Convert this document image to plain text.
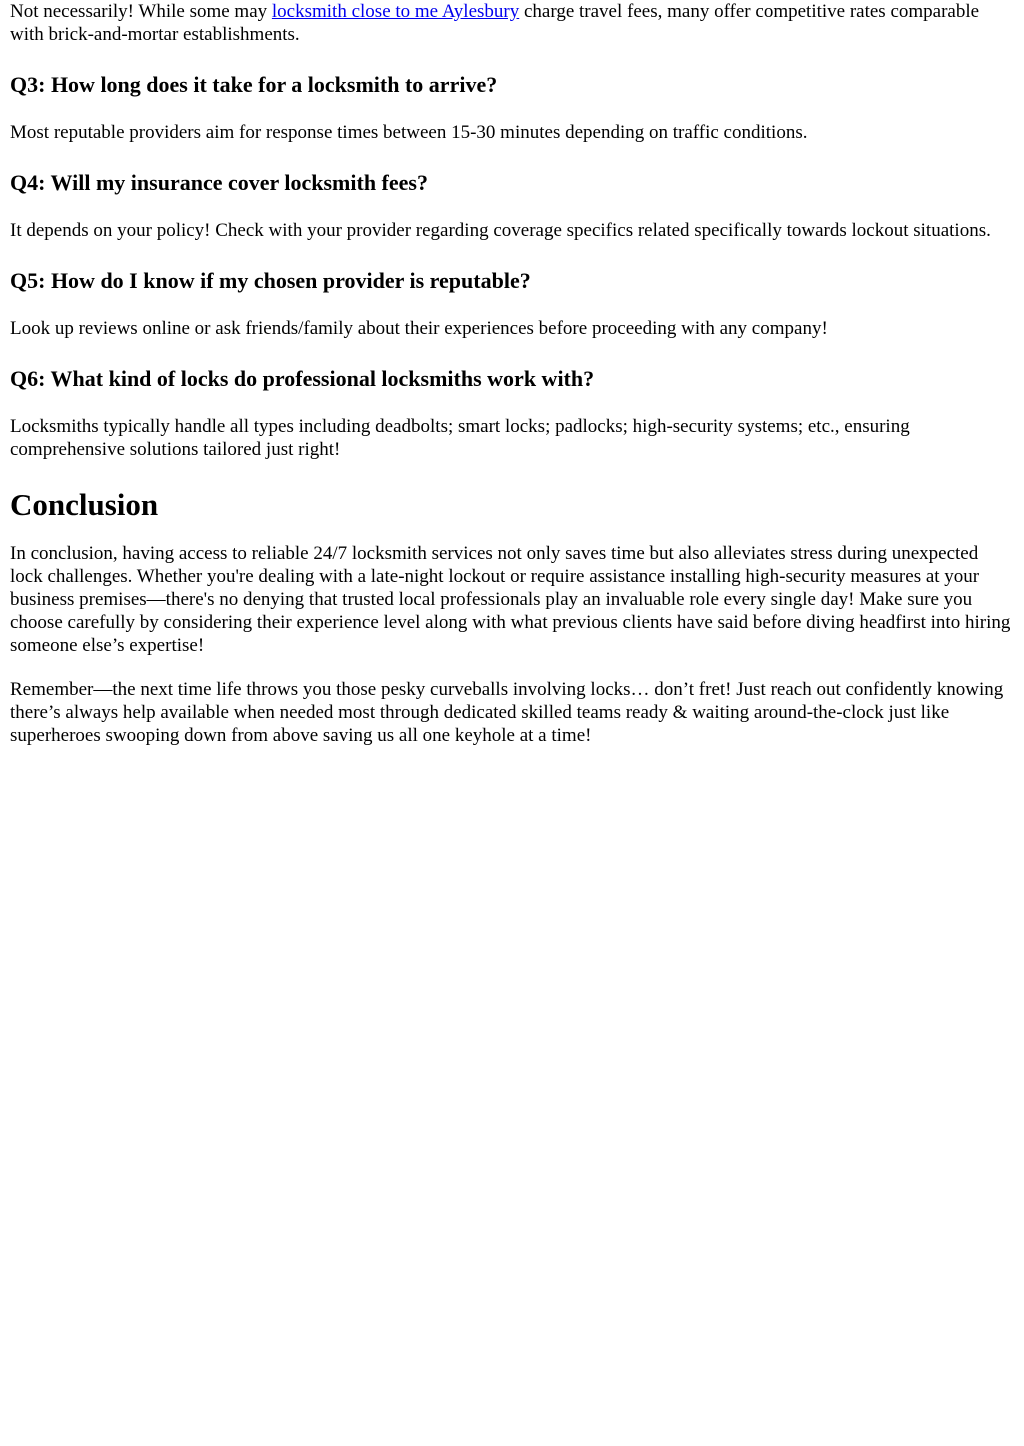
Not necessarily! While some may locksmith close to me Aylesbury charge travel fees, many offer competitive rates comparable with brick-and-mortar establishments.

Q3: How long does it take for a locksmith to arrive?

Most reputable providers aim for response times between 15-30 minutes depending on traffic conditions.

Q4: Will my insurance cover locksmith fees?

It depends on your policy! Check with your provider regarding coverage specifics related specifically towards lockout situations.

Q5: How do I know if my chosen provider is reputable?

Look up reviews online or ask friends/family about their experiences before proceeding with any company!

Q6: What kind of locks do professional locksmiths work with?

Locksmiths typically handle all types including deadbolts; smart locks; padlocks; high-security systems; etc., ensuring comprehensive solutions tailored just right!

Conclusion

In conclusion, having access to reliable 24/7 locksmith services not only saves time but also alleviates stress during unexpected lock challenges. Whether you're dealing with a late-night lockout or require assistance installing high-security measures at your business premises—there's no denying that trusted local professionals play an invaluable role every single day! Make sure you choose carefully by considering their experience level along with what previous clients have said before diving headfirst into hiring someone else’s expertise!

Remember—the next time life throws you those pesky curveballs involving locks… don’t fret! Just reach out confidently knowing there’s always help available when needed most through dedicated skilled teams ready & waiting around-the-clock just like superheroes swooping down from above saving us all one keyhole at a time!
